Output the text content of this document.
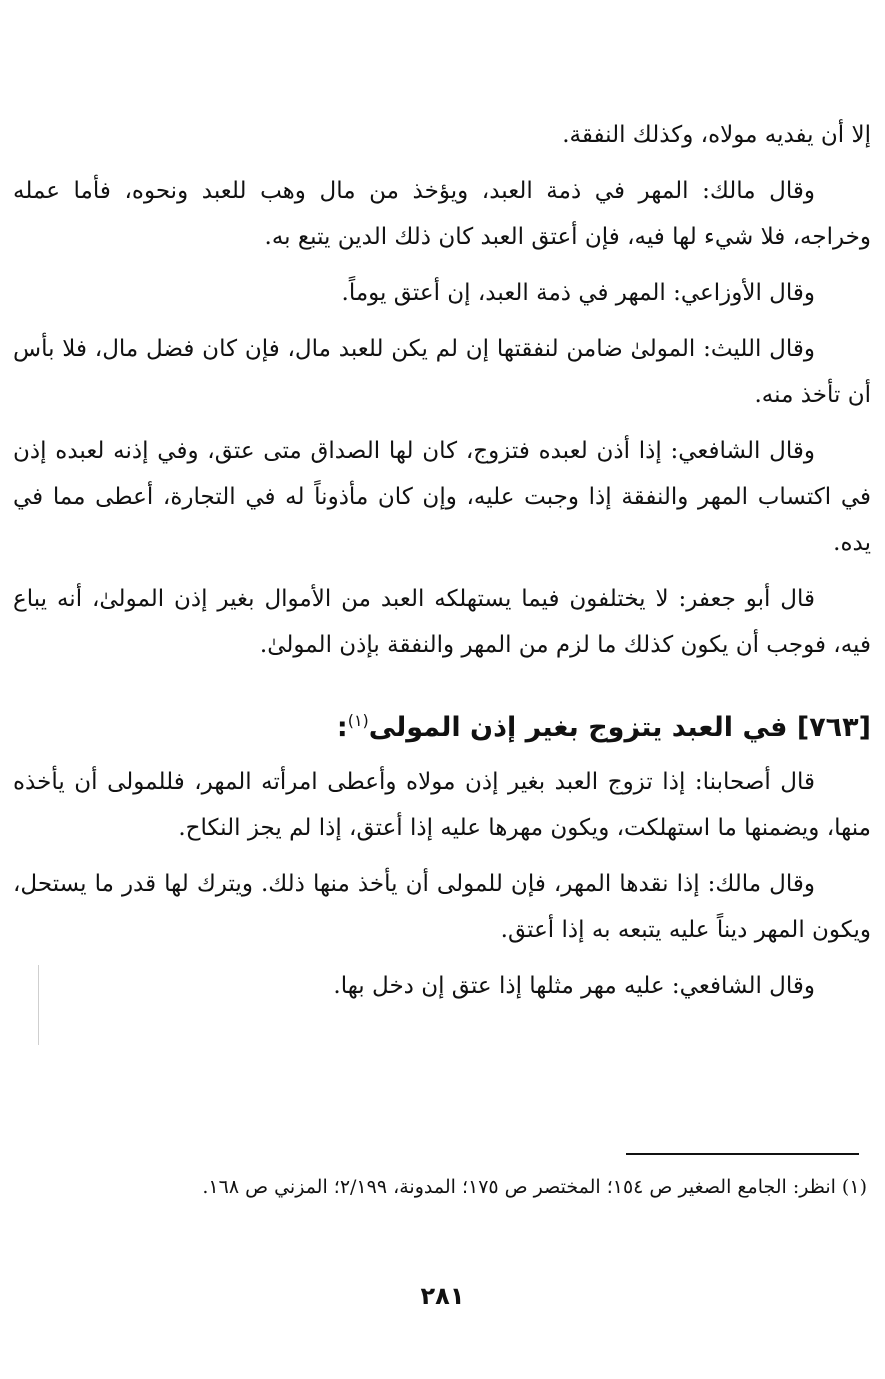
إلا أن يفديه مولاه، وكذلك النفقة.

وقال مالك: المهر في ذمة العبد، ويؤخذ من مال وهب للعبد ونحوه، فأما عمله وخراجه، فلا شيء لها فيه، فإن أعتق العبد كان ذلك الدين يتبع به.

وقال الأوزاعي: المهر في ذمة العبد، إن أعتق يوماً.

وقال الليث: المولىٰ ضامن لنفقتها إن لم يكن للعبد مال، فإن كان فضل مال، فلا بأس أن تأخذ منه.

وقال الشافعي: إذا أذن لعبده فتزوج، كان لها الصداق متى عتق، وفي إذنه لعبده إذن في اكتساب المهر والنفقة إذا وجبت عليه، وإن كان مأذوناً له في التجارة، أعطى مما في يده.

قال أبو جعفر: لا يختلفون فيما يستهلكه العبد من الأموال بغير إذن المولىٰ، أنه يباع فيه، فوجب أن يكون كذلك ما لزم من المهر والنفقة بإذن المولىٰ.

[٧٦٣] في العبد يتزوج بغير إذن المولى$^{(١)}$:

قال أصحابنا: إذا تزوج العبد بغير إذن مولاه وأعطى امرأته المهر، فللمولى أن يأخذه منها، ويضمنها ما استهلكت، ويكون مهرها عليه إذا أعتق، إذا لم يجز النكاح.

وقال مالك: إذا نقدها المهر، فإن للمولى أن يأخذ منها ذلك. ويترك لها قدر ما يستحل، ويكون المهر ديناً عليه يتبعه به إذا أعتق.

وقال الشافعي: عليه مهر مثلها إذا عتق إن دخل بها.

(١) انظر: الجامع الصغير ص ١٥٤؛ المختصر ص ١٧٥؛ المدونة، ٢/١٩٩؛ المزني ص ١٦٨.
٢٨١
